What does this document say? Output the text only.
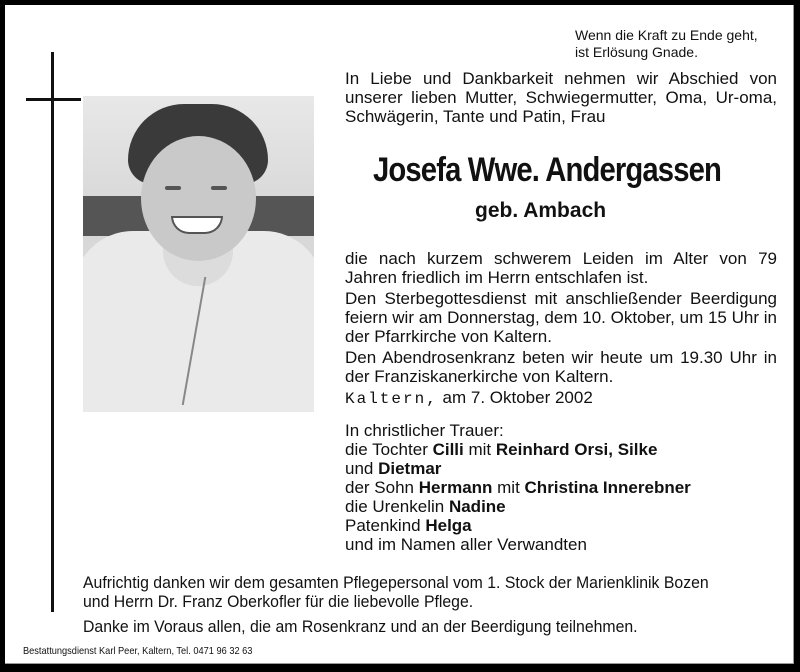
Wenn die Kraft zu Ende geht,
ist Erlösung Gnade.
In Liebe und Dankbarkeit nehmen wir Abschied von unserer lieben Mutter, Schwiegermutter, Oma, Ur-oma, Schwägerin, Tante und Patin, Frau
Josefa Wwe. Andergassen
geb. Ambach

die nach kurzem schwerem Leiden im Alter von 79 Jahren friedlich im Herrn entschlafen ist.

Den Sterbegottesdienst mit anschließender Beerdigung feiern wir am Donnerstag, dem 10. Oktober, um 15 Uhr in der Pfarrkirche von Kaltern.

Den Abendrosenkranz beten wir heute um 19.30 Uhr in der Franziskanerkirche von Kaltern.

Kaltern, am 7. Oktober 2002

In christlicher Trauer:
die Tochter Cilli mit Reinhard Orsi, Silke
und Dietmar
der Sohn Hermann mit Christina Innerebner
die Urenkelin Nadine
Patenkind Helga
und im Namen aller Verwandten

Aufrichtig danken wir dem gesamten Pflegepersonal vom 1. Stock der Marienklinik Bozen und Herrn Dr. Franz Oberkofler für die liebevolle Pflege.

Danke im Voraus allen, die am Rosenkranz und an der Beerdigung teilnehmen.

Bestattungsdienst Karl Peer, Kaltern, Tel. 0471 96 32 63
